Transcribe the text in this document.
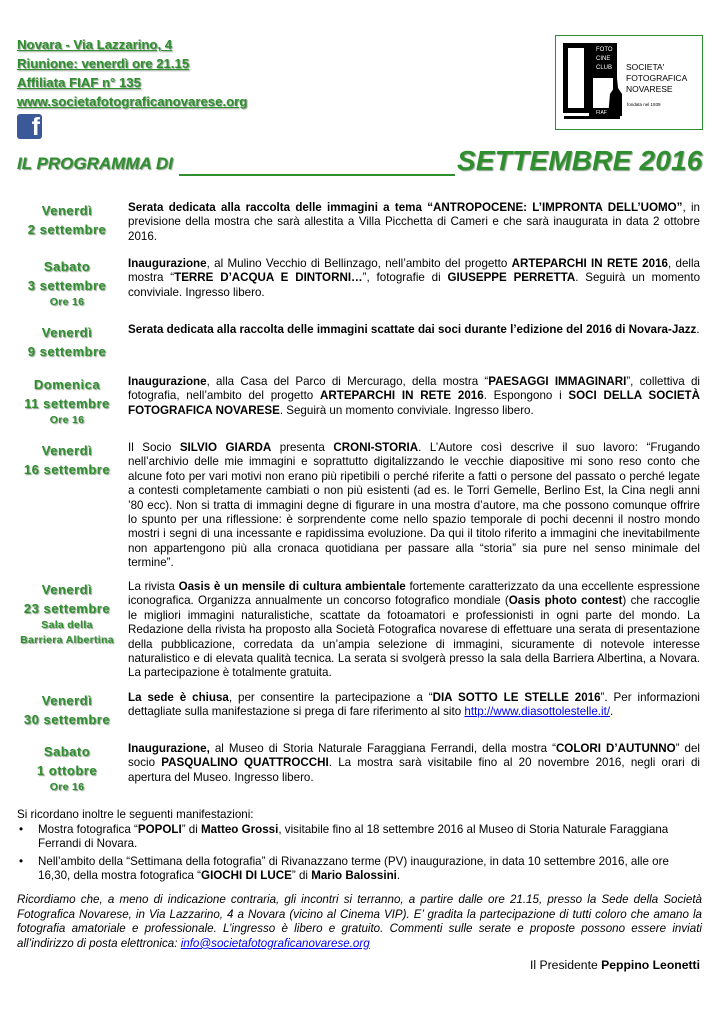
Novara - Via Lazzarino, 4
Riunione: venerdì ore 21.15
Affiliata FIAF n° 135
www.societafotograficanovarese.org
f
FOTO
CINE
CLUB
FIAF
SOCIETA'
FOTOGRAFICA
NOVARESE
fondata nel 1939
IL PROGRAMMA DI	SETTEMBRE 2016
Venerdì
2 settembre
Serata dedicata alla raccolta delle immagini a tema “ANTROPOCENE: L’IMPRONTA DELL’UOMO”, in previsione della mostra che sarà allestita a Villa Picchetta di Cameri e che sarà inaugurata in data 2 ottobre 2016.
Sabato
3 settembre
Ore 16
Inaugurazione, al Mulino Vecchio di Bellinzago, nell’ambito del progetto ARTEPARCHI IN RETE 2016, della mostra “TERRE D’ACQUA E DINTORNI…”, fotografie di GIUSEPPE PERRETTA. Seguirà un momento conviviale. Ingresso libero.
Venerdì
9 settembre
Serata dedicata alla raccolta delle immagini scattate dai soci durante l’edizione del 2016 di Novara-Jazz.
Domenica
11 settembre
Ore 16
Inaugurazione, alla Casa del Parco di Mercurago, della mostra “PAESAGGI IMMAGINARI”, collettiva di fotografia, nell’ambito del progetto ARTEPARCHI IN RETE 2016. Espongono i SOCI DELLA SOCIETÀ FOTOGRAFICA NOVARESE. Seguirà un momento conviviale. Ingresso libero.
Venerdì
16 settembre
Il Socio SILVIO GIARDA presenta CRONI-STORIA. L’Autore così descrive il suo lavoro: “Frugando nell’archivio delle mie immagini e soprattutto digitalizzando le vecchie diapositive mi sono reso conto che alcune foto per vari motivi non erano più ripetibili o perché riferite a fatti o persone del passato o perché legate a contesti completamente cambiati o non più esistenti (ad es. le Torri Gemelle, Berlino Est, la Cina negli anni ’80 ecc). Non si tratta di immagini degne di figurare in una mostra d’autore, ma che possono comunque offrire lo spunto per una riflessione: è sorprendente come nello spazio temporale di pochi decenni il nostro mondo mostri i segni di una incessante e rapidissima evoluzione. Da qui il titolo riferito a immagini che inevitabilmente non appartengono più alla cronaca quotidiana per passare alla “storia” sia pure nel senso minimale del termine”.
Venerdì
23 settembre
Sala della
Barriera Albertina
La rivista Oasis è un mensile di cultura ambientale fortemente caratterizzato da una eccellente espressione iconografica. Organizza annualmente un concorso fotografico mondiale (Oasis photo contest) che raccoglie le migliori immagini naturalistiche, scattate da fotoamatori e professionisti in ogni parte del mondo. La Redazione della rivista ha proposto alla Società Fotografica novarese di effettuare una serata di presentazione della pubblicazione, corredata da un’ampia selezione di immagini, sicuramente di notevole interesse naturalistico e di elevata qualità tecnica. La serata si svolgerà presso la sala della Barriera Albertina, a Novara. La partecipazione è totalmente gratuita.
Venerdì
30 settembre
La sede è chiusa, per consentire la partecipazione a “DIA SOTTO LE STELLE 2016”. Per informazioni dettagliate sulla manifestazione si prega di fare riferimento al sito http://www.diasottolestelle.it/.
Sabato
1 ottobre
Ore 16
Inaugurazione, al Museo di Storia Naturale Faraggiana Ferrandi, della mostra “COLORI D’AUTUNNO” del socio PASQUALINO QUATTROCCHI. La mostra sarà visitabile fino al 20 novembre 2016, negli orari di apertura del Museo. Ingresso libero.
Si ricordano inoltre le seguenti manifestazioni:
• Mostra fotografica “POPOLI” di Matteo Grossi, visitabile fino al 18 settembre 2016 al Museo di Storia Naturale Faraggiana Ferrandi di Novara.
• Nell’ambito della “Settimana della fotografia” di Rivanazzano terme (PV) inaugurazione, in data 10 settembre 2016, alle ore 16,30, della mostra fotografica “GIOCHI DI LUCE” di Mario Balossini.
Ricordiamo che, a meno di indicazione contraria, gli incontri si terranno, a partire dalle ore 21.15, presso la Sede della Società Fotografica Novarese, in Via Lazzarino, 4 a Novara (vicino al Cinema VIP). E’ gradita la partecipazione di tutti coloro che amano la fotografia amatoriale e professionale. L’ingresso è libero e gratuito. Commenti sulle serate e proposte possono essere inviati all’indirizzo di posta elettronica: info@societafotograficanovarese.org
Il Presidente Peppino Leonetti
